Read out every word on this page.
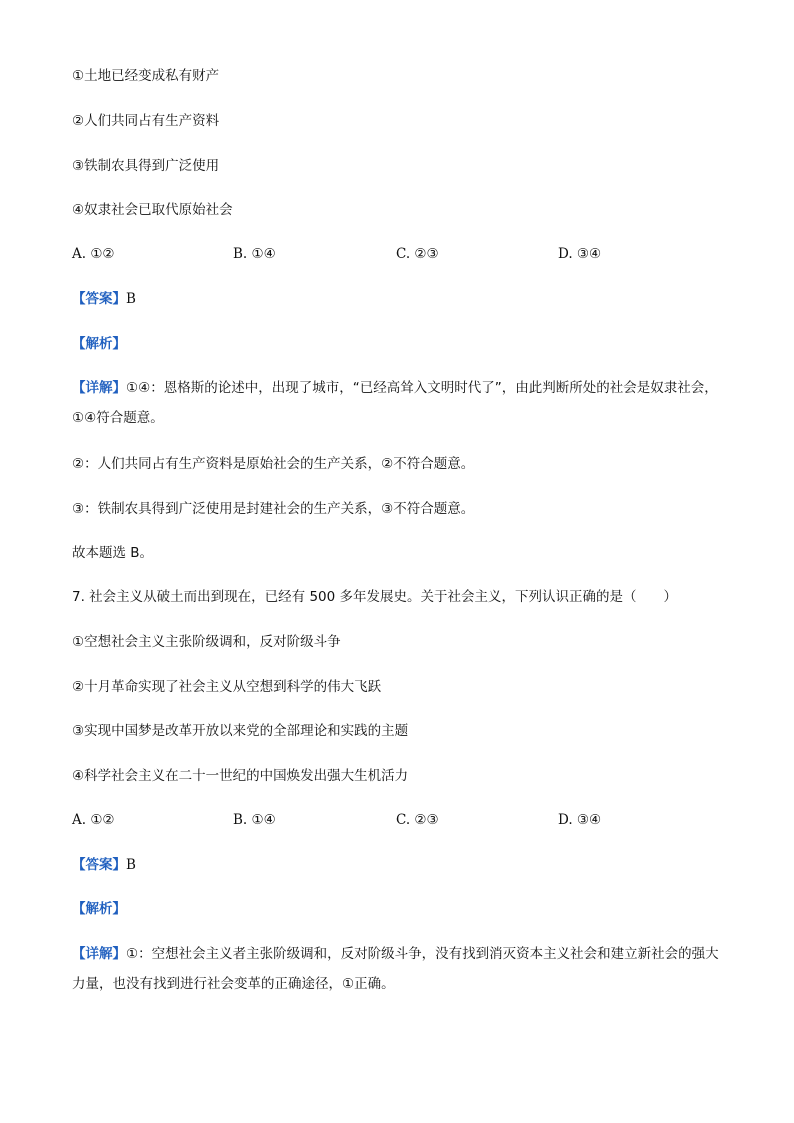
①土地已经变成私有财产
②人们共同占有生产资料
③铁制农具得到广泛使用
④奴隶社会已取代原始社会
A. ①②	B. ①④	C. ②③	D. ③④
【答案】B
【解析】
【详解】①④：恩格斯的论述中，出现了城市，“已经高耸入文明时代了”，由此判断所处的社会是奴隶社会，①④符合题意。
②：人们共同占有生产资料是原始社会的生产关系，②不符合题意。
③：铁制农具得到广泛使用是封建社会的生产关系，③不符合题意。
故本题选 B。
7. 社会主义从破土而出到现在，已经有 500 多年发展史。关于社会主义，下列认识正确的是（　　）
①空想社会主义主张阶级调和，反对阶级斗争
②十月革命实现了社会主义从空想到科学的伟大飞跃
③实现中国梦是改革开放以来党的全部理论和实践的主题
④科学社会主义在二十一世纪的中国焕发出强大生机活力
A. ①②	B. ①④	C. ②③	D. ③④
【答案】B
【解析】
【详解】①：空想社会主义者主张阶级调和，反对阶级斗争，没有找到消灭资本主义社会和建立新社会的强大力量，也没有找到进行社会变革的正确途径，①正确。
